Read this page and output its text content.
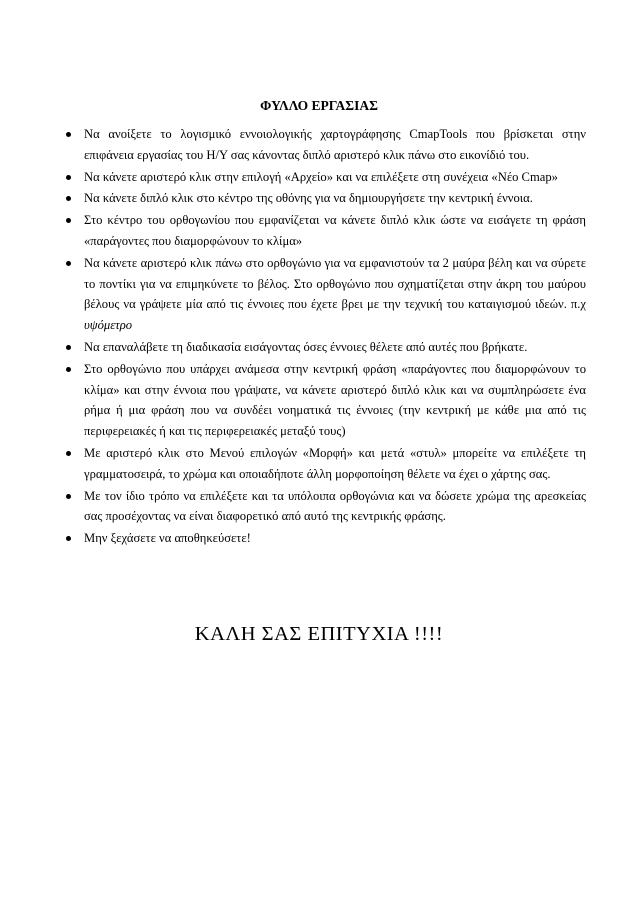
ΦΥΛΛΟ ΕΡΓΑΣΙΑΣ
Να ανοίξετε το λογισμικό εννοιολογικής χαρτογράφησης CmapTools που βρίσκεται στην επιφάνεια εργασίας του Η/Υ σας κάνοντας διπλό αριστερό κλικ πάνω στο εικονίδιό του.
Να κάνετε αριστερό κλικ στην επιλογή «Αρχείο» και να επιλέξετε στη συνέχεια «Νέο Cmap»
Να κάνετε διπλό κλικ στο κέντρο της οθόνης για να δημιουργήσετε την κεντρική έννοια.
Στο κέντρο του ορθογωνίου που εμφανίζεται να κάνετε διπλό κλικ ώστε να εισάγετε τη φράση «παράγοντες που διαμορφώνουν το κλίμα»
Να κάνετε αριστερό κλικ πάνω στο ορθογώνιο για να εμφανιστούν τα 2 μαύρα βέλη και να σύρετε το ποντίκι για να επιμηκύνετε το βέλος. Στο ορθογώνιο που σχηματίζεται στην άκρη του μαύρου βέλους να γράψετε μία από τις έννοιες που έχετε βρει με την τεχνική του καταιγισμού ιδεών. π.χ υψόμετρο
Να επαναλάβετε τη διαδικασία εισάγοντας όσες έννοιες θέλετε από αυτές που βρήκατε.
Στο ορθογώνιο που υπάρχει ανάμεσα στην κεντρική φράση «παράγοντες που διαμορφώνουν το κλίμα» και στην έννοια που γράψατε, να κάνετε αριστερό διπλό κλικ και να συμπληρώσετε ένα ρήμα ή μια φράση που να συνδέει νοηματικά τις έννοιες (την κεντρική με κάθε μια από τις περιφερειακές ή και τις περιφερειακές μεταξύ τους)
Με αριστερό κλικ στο Μενού επιλογών «Μορφή» και μετά «στυλ» μπορείτε να επιλέξετε τη γραμματοσειρά, το χρώμα και οποιαδήποτε άλλη μορφοποίηση θέλετε να έχει ο χάρτης σας.
Με τον ίδιο τρόπο να επιλέξετε και τα υπόλοιπα ορθογώνια και να δώσετε χρώμα της αρεσκείας σας προσέχοντας να είναι διαφορετικό από αυτό της κεντρικής φράσης.
Μην ξεχάσετε να αποθηκεύσετε!

ΚΑΛΗ ΣΑΣ ΕΠΙΤΥΧΙΑ !!!!
